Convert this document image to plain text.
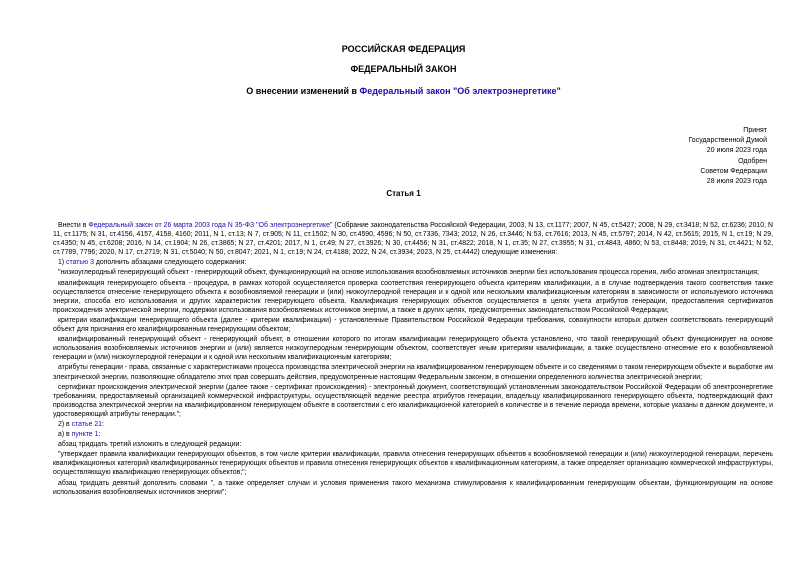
РОССИЙСКАЯ ФЕДЕРАЦИЯ
ФЕДЕРАЛЬНЫЙ ЗАКОН
О внесении изменений в Федеральный закон "Об электроэнергетике"
Принят
Государственной Думой
20 июля 2023 года
Одобрен
Советом Федерации
28 июля 2023 года
Статья 1

Внести в Федеральный закон от 26 марта 2003 года N 35-ФЗ "Об электроэнергетике" (Собрание законодательства Российской Федерации, 2003, N 13, ст.1177; 2007, N 45, ст.5427; 2008, N 29, ст.3418; N 52, ст.6236; 2010, N 11, ст.1175; N 31, ст.4156, 4157, 4158, 4160; 2011, N 1, ст.13; N 7, ст.905; N 11, ст.1502; N 30, ст.4590, 4596; N 50, ст.7336, 7343; 2012, N 26, ст.3446; N 53, ст.7616; 2013, N 45, ст.5797; 2014, N 42, ст.5615; 2015, N 1, ст.19; N 29, ст.4350; N 45, ст.6208; 2016, N 14, ст.1904; N 26, ст.3865; N 27, ст.4201; 2017, N 1, ст.49; N 27, ст.3926; N 30, ст.4456; N 31, ст.4822; 2018, N 1, ст.35; N 27, ст.3955; N 31, ст.4843, 4860; N 53, ст.8448; 2019, N 31, ст.4421; N 52, ст.7789, 7796; 2020, N 17, ст.2719; N 31, ст.5040; N 50, ст.8047; 2021, N 1, ст.19; N 24, ст.4188; 2022, N 24, ст.3934; 2023, N 25, ст.4442) следующие изменения:

1) статью 3 дополнить абзацами следующего содержания:

"низкоуглеродный генерирующий объект - генерирующий объект, функционирующий на основе использования возобновляемых источников энергии без использования процесса горения, либо атомная электростанция;

квалификация генерирующего объекта - процедура, в рамках которой осуществляется проверка соответствия генерирующего объекта критериям квалификации, а в случае подтверждения такого соответствия также осуществляется отнесение генерирующего объекта к возобновляемой генерации и (или) низкоуглеродной генерации и к одной или нескольким квалификационным категориям в зависимости от используемого источника энергии, способа его использования и других характеристик генерирующего объекта. Квалификация генерирующих объектов осуществляется в целях учета атрибутов генерации, предоставления сертификатов происхождения электрической энергии, поддержки использования возобновляемых источников энергии, а также в других целях, предусмотренных законодательством Российской Федерации;

критерии квалификации генерирующего объекта (далее - критерии квалификации) - установленные Правительством Российской Федерации требования, совокупности которых должен соответствовать генерирующий объект для признания его квалифицированным генерирующим объектом;

квалифицированный генерирующий объект - генерирующий объект, в отношении которого по итогам квалификации генерирующего объекта установлено, что такой генерирующий объект функционирует на основе использования возобновляемых источников энергии и (или) является низкоуглеродным генерирующим объектом, соответствует иным критериям квалификации, а также осуществлено отнесение его к возобновляемой генерации и (или) низкоуглеродной генерации и к одной или нескольким квалификационным категориям;

атрибуты генерации - права, связанные с характеристиками процесса производства электрической энергии на квалифицированном генерирующем объекте и со сведениями о таком генерирующем объекте и выработке им электрической энергии, позволяющие обладателю этих прав совершать действия, предусмотренные настоящим Федеральным законом, в отношении определенного количества электрической энергии;

сертификат происхождения электрической энергии (далее также - сертификат происхождения) - электронный документ, соответствующий установленным законодательством Российской Федерации об электроэнергетике требованиям, предоставляемый организацией коммерческой инфраструктуры, осуществляющей ведение реестра атрибутов генерации, владельцу квалифицированного генерирующего объекта, подтверждающий факт производства электрической энергии на квалифицированном генерирующем объекте в соответствии с его квалификационной категорией в количестве и в течение периода времени, которые указаны в данном документе, и удостоверяющий атрибуты генерации.";

2) в статье 21:

а) в пункте 1:

абзац тридцать третий изложить в следующей редакции:

"утверждает правила квалификации генерирующих объектов, в том числе критерии квалификации, правила отнесения генерирующих объектов к возобновляемой генерации и (или) низкоуглеродной генерации, перечень квалификационных категорий квалифицированных генерирующих объектов и правила отнесения генерирующих объектов к квалификационным категориям, а также определяет организацию коммерческой инфраструктуры, осуществляющую квалификацию генерирующих объектов;";

абзац тридцать девятый дополнить словами ", а также определяет случаи и условия применения такого механизма стимулирования к квалифицированным генерирующим объектам, функционирующим на основе использования возобновляемых источников энергии";
